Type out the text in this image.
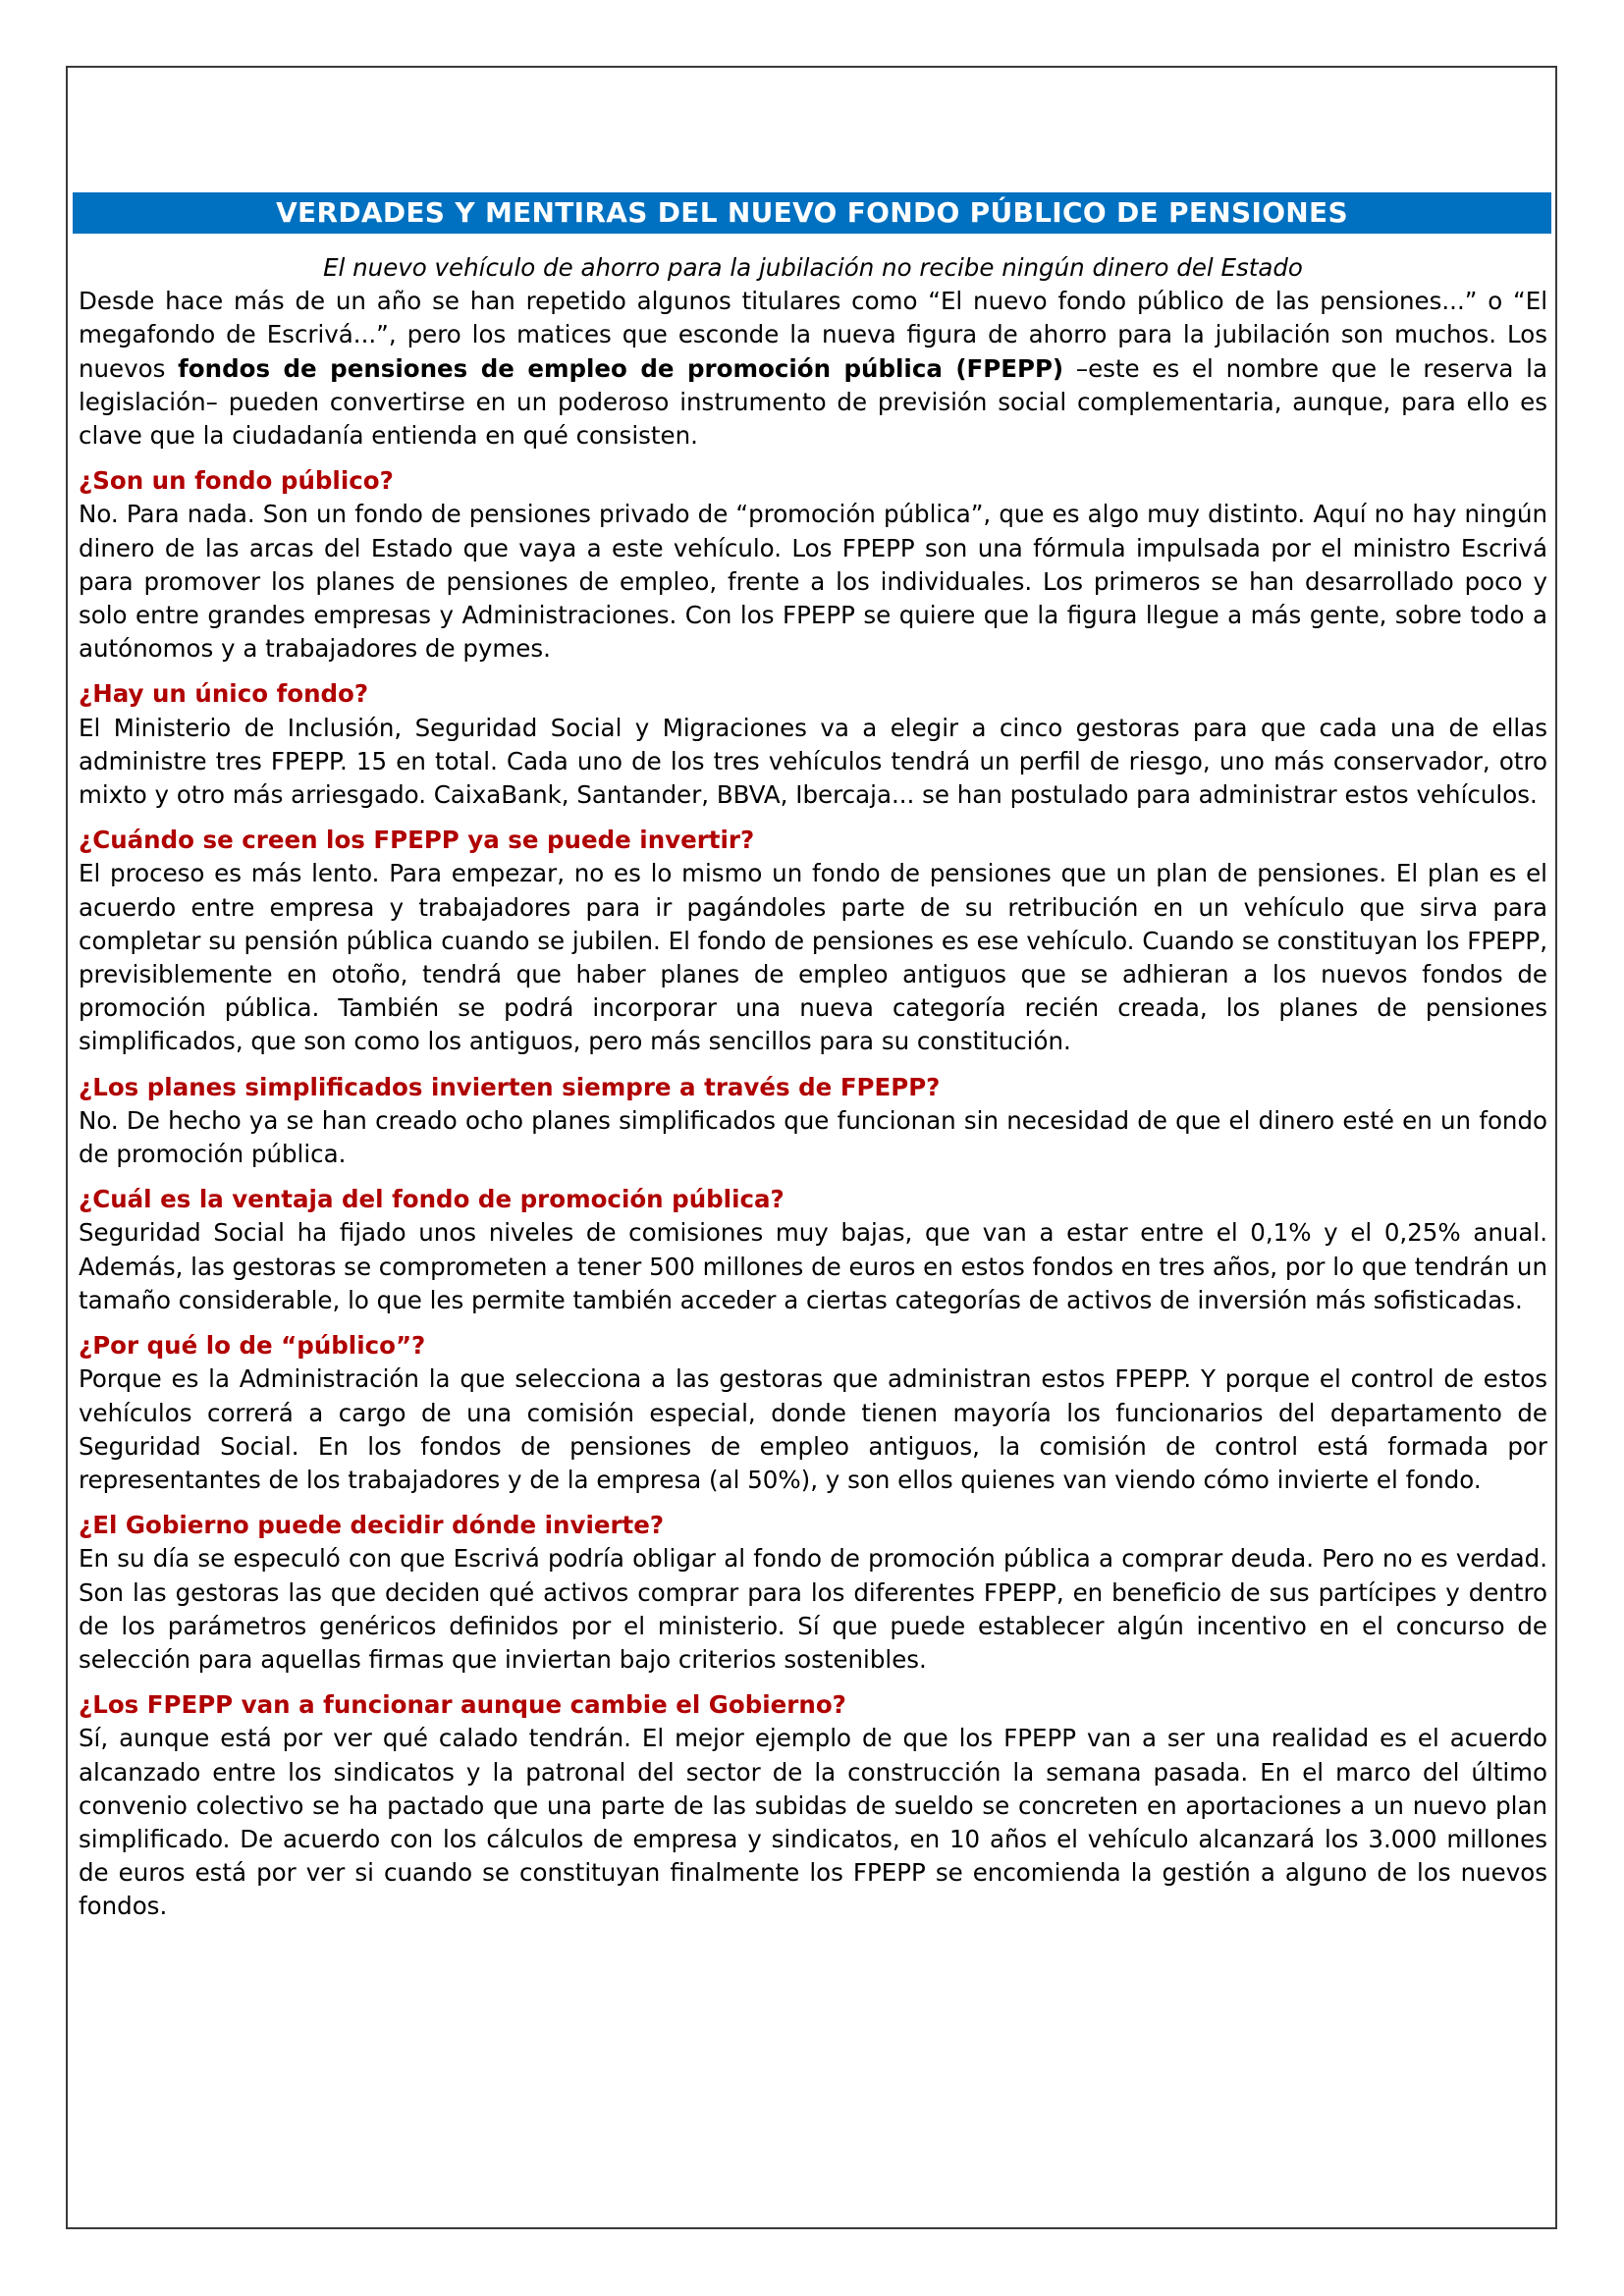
VERDADES Y MENTIRAS DEL NUEVO FONDO PÚBLICO DE PENSIONES

El nuevo vehículo de ahorro para la jubilación no recibe ningún dinero del Estado

Desde hace más de un año se han repetido algunos titulares como “El nuevo fondo público de las pensiones...” o “El megafondo de Escrivá...”, pero los matices que esconde la nueva figura de ahorro para la jubilación son muchos. Los nuevos fondos de pensiones de empleo de promoción pública (FPEPP) –este es el nombre que le reserva la legislación– pueden convertirse en un poderoso instrumento de previsión social complementaria, aunque, para ello es clave que la ciudadanía entienda en qué consisten.

¿Son un fondo público?

No. Para nada. Son un fondo de pensiones privado de “promoción pública”, que es algo muy distinto. Aquí no hay ningún dinero de las arcas del Estado que vaya a este vehículo. Los FPEPP son una fórmula impulsada por el ministro Escrivá para promover los planes de pensiones de empleo, frente a los individuales. Los primeros se han desarrollado poco y solo entre grandes empresas y Administraciones. Con los FPEPP se quiere que la figura llegue a más gente, sobre todo a autónomos y a trabajadores de pymes.

¿Hay un único fondo?

El Ministerio de Inclusión, Seguridad Social y Migraciones va a elegir a cinco gestoras para que cada una de ellas administre tres FPEPP. 15 en total. Cada uno de los tres vehículos tendrá un perfil de riesgo, uno más conservador, otro mixto y otro más arriesgado. CaixaBank, Santander, BBVA, Ibercaja... se han postulado para administrar estos vehículos.

¿Cuándo se creen los FPEPP ya se puede invertir?

El proceso es más lento. Para empezar, no es lo mismo un fondo de pensiones que un plan de pensiones. El plan es el acuerdo entre empresa y trabajadores para ir pagándoles parte de su retribución en un vehículo que sirva para completar su pensión pública cuando se jubilen. El fondo de pensiones es ese vehículo. Cuando se constituyan los FPEPP, previsiblemente en otoño, tendrá que haber planes de empleo antiguos que se adhieran a los nuevos fondos de promoción pública. También se podrá incorporar una nueva categoría recién creada, los planes de pensiones simplificados, que son como los antiguos, pero más sencillos para su constitución.

¿Los planes simplificados invierten siempre a través de FPEPP?

No. De hecho ya se han creado ocho planes simplificados que funcionan sin necesidad de que el dinero esté en un fondo de promoción pública.

¿Cuál es la ventaja del fondo de promoción pública?

Seguridad Social ha fijado unos niveles de comisiones muy bajas, que van a estar entre el 0,1% y el 0,25% anual. Además, las gestoras se comprometen a tener 500 millones de euros en estos fondos en tres años, por lo que tendrán un tamaño considerable, lo que les permite también acceder a ciertas categorías de activos de inversión más sofisticadas.

¿Por qué lo de “público”?

Porque es la Administración la que selecciona a las gestoras que administran estos FPEPP. Y porque el control de estos vehículos correrá a cargo de una comisión especial, donde tienen mayoría los funcionarios del departamento de Seguridad Social. En los fondos de pensiones de empleo antiguos, la comisión de control está formada por representantes de los trabajadores y de la empresa (al 50%), y son ellos quienes van viendo cómo invierte el fondo.

¿El Gobierno puede decidir dónde invierte?

En su día se especuló con que Escrivá podría obligar al fondo de promoción pública a comprar deuda. Pero no es verdad. Son las gestoras las que deciden qué activos comprar para los diferentes FPEPP, en beneficio de sus partícipes y dentro de los parámetros genéricos definidos por el ministerio. Sí que puede establecer algún incentivo en el concurso de selección para aquellas firmas que inviertan bajo criterios sostenibles.

¿Los FPEPP van a funcionar aunque cambie el Gobierno?

Sí, aunque está por ver qué calado tendrán. El mejor ejemplo de que los FPEPP van a ser una realidad es el acuerdo alcanzado entre los sindicatos y la patronal del sector de la construcción la semana pasada. En el marco del último convenio colectivo se ha pactado que una parte de las subidas de sueldo se concreten en aportaciones a un nuevo plan simplificado. De acuerdo con los cálculos de empresa y sindicatos, en 10 años el vehículo alcanzará los 3.000 millones de euros está por ver si cuando se constituyan finalmente los FPEPP se encomienda la gestión a alguno de los nuevos fondos.
